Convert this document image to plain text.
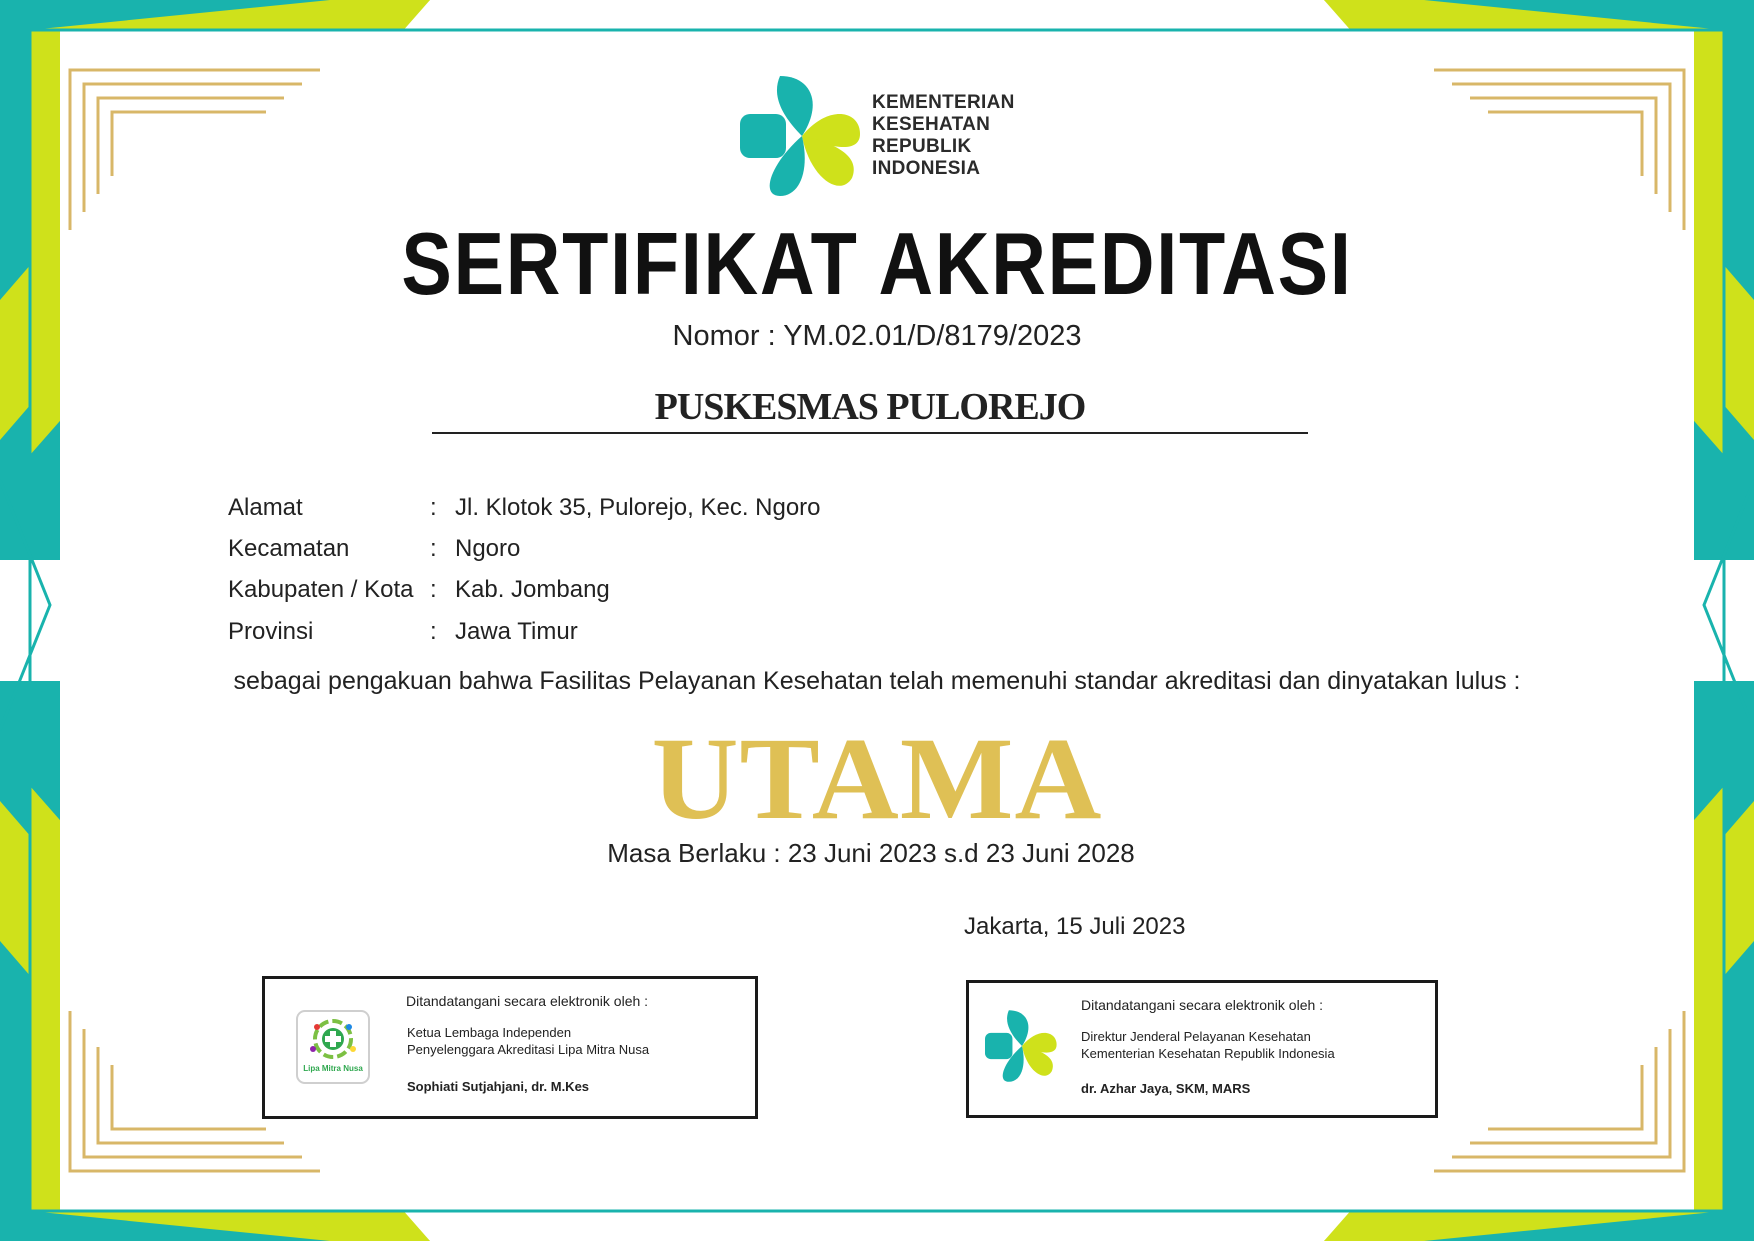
KEMENTERIAN
KESEHATAN
REPUBLIK
INDONESIA
SERTIFIKAT AKREDITASI
Nomor : YM.02.01/D/8179/2023
PUSKESMAS PULOREJO
Alamat	: Jl. Klotok 35, Pulorejo, Kec. Ngoro
Kecamatan	: Ngoro
Kabupaten / Kota : Kab. Jombang
Provinsi	: Jawa Timur
sebagai pengakuan bahwa Fasilitas Pelayanan Kesehatan telah memenuhi standar akreditasi dan dinyatakan lulus :
UTAMA
Masa Berlaku : 23 Juni 2023 s.d 23 Juni 2028
Jakarta, 15 Juli 2023
Lipa Mitra Nusa
Ditandatangani secara elektronik oleh :
Ketua Lembaga Independen
Penyelenggara Akreditasi Lipa Mitra Nusa
Sophiati Sutjahjani, dr. M.Kes
Ditandatangani secara elektronik oleh :
Direktur Jenderal Pelayanan Kesehatan
Kementerian Kesehatan Republik Indonesia
dr. Azhar Jaya, SKM, MARS
